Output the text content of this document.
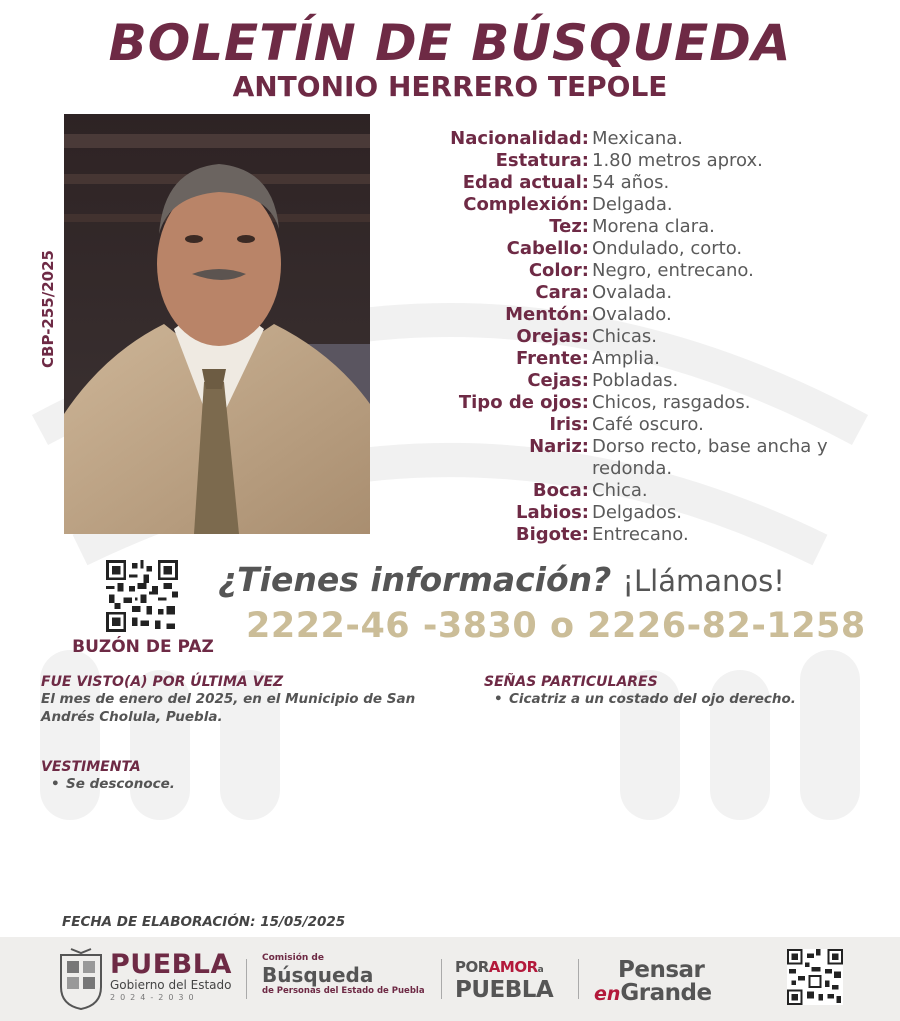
BOLETÍN DE BÚSQUEDA
ANTONIO HERRERO TEPOLE
CBP-255/2025
Nacionalidad: Mexicana.
Estatura: 1.80 metros aprox.
Edad actual: 54 años.
Complexión: Delgada.
Tez: Morena clara.
Cabello: Ondulado, corto.
Color: Negro, entrecano.
Cara: Ovalada.
Mentón: Ovalado.
Orejas: Chicas.
Frente: Amplia.
Cejas: Pobladas.
Tipo de ojos: Chicos, rasgados.
Iris: Café oscuro.
Nariz: Dorso recto, base ancha y redonda.
Boca: Chica.
Labios: Delgados.
Bigote: Entrecano.
BUZÓN DE PAZ
¿Tienes información? ¡Llámanos!
2222-46 -3830 o 2226-82-1258
FUE VISTO(A) POR ÚLTIMA VEZ
El mes de enero del 2025, en el Municipio de San Andrés Cholula, Puebla.
SEÑAS PARTICULARES
• Cicatriz a un costado del ojo derecho.
VESTIMENTA
• Se desconoce.
FECHA DE ELABORACIÓN: 15/05/2025
PUEBLA
Gobierno del Estado
2024-2030
Comisión de
Búsqueda
de Personas del Estado de Puebla
PORAMORa
PUEBLA
Pensar
enGrande
